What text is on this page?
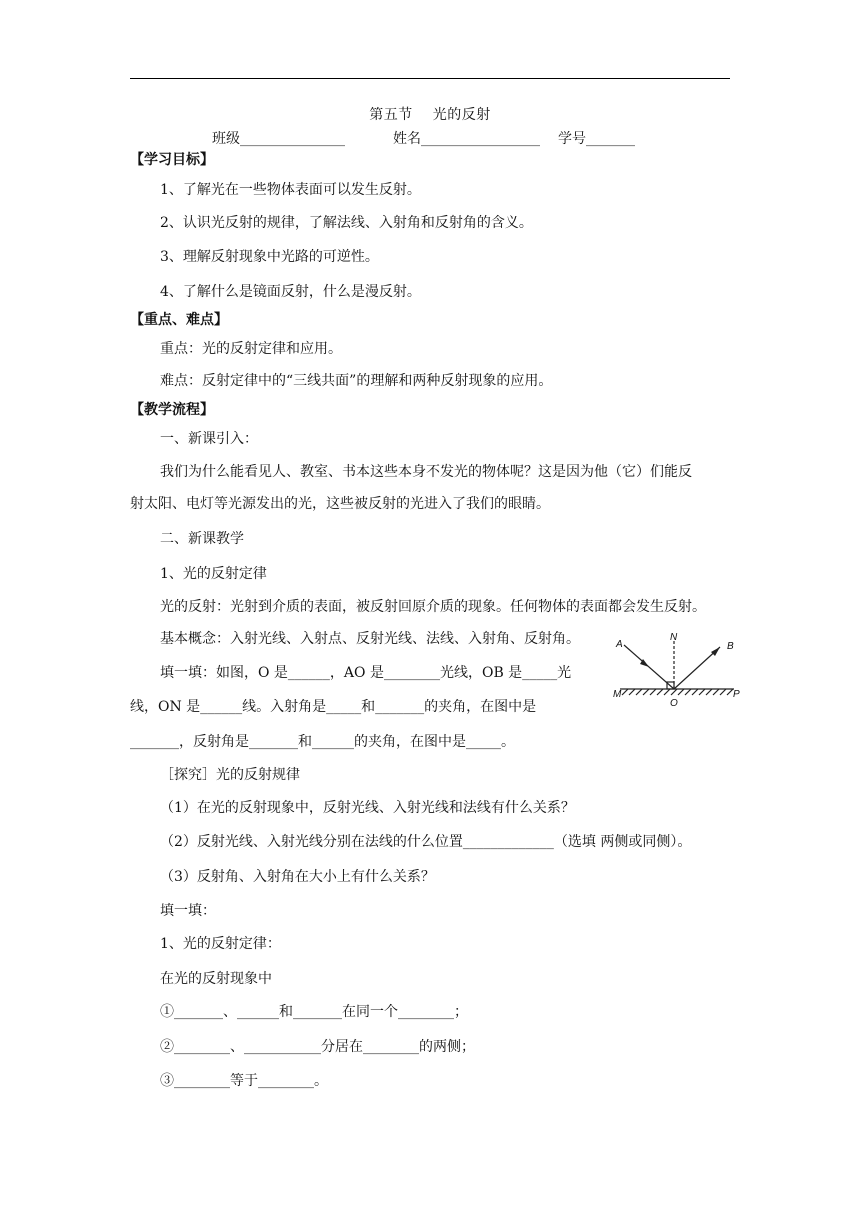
第五节 光的反射
班级_______________	姓名_________________ 学号_______
【学习目标】
1、了解光在一些物体表面可以发生反射。
2、认识光反射的规律，了解法线、入射角和反射角的含义。
3、理解反射现象中光路的可逆性。
4、了解什么是镜面反射，什么是漫反射。
【重点、难点】
重点：光的反射定律和应用。
难点：反射定律中的“三线共面”的理解和两种反射现象的应用。
【教学流程】
一、新课引入：
我们为什么能看见人、教室、书本这些本身不发光的物体呢？这是因为他（它）们能反
射太阳、电灯等光源发出的光，这些被反射的光进入了我们的眼睛。
二、新课教学
1、光的反射定律
光的反射：光射到介质的表面，被反射回原介质的现象。任何物体的表面都会发生反射。
基本概念：入射光线、入射点、反射光线、法线、入射角、反射角。
填一填：如图，O 是______，AO 是________光线，OB 是_____光
线，ON 是______线。入射角是_____和_______的夹角，在图中是
_______，反射角是_______和______的夹角，在图中是_____。
A
N
B
M
O
P
［探究］光的反射规律
（1）在光的反射现象中，反射光线、入射光线和法线有什么关系？
（2）反射光线、入射光线分别在法线的什么位置_____________（选填 两侧或同侧）。
（3）反射角、入射角在大小上有什么关系？
填一填：
1、光的反射定律：
在光的反射现象中
①_______、______和_______在同一个________；
②________、___________分居在________的两侧；
③________等于________。
